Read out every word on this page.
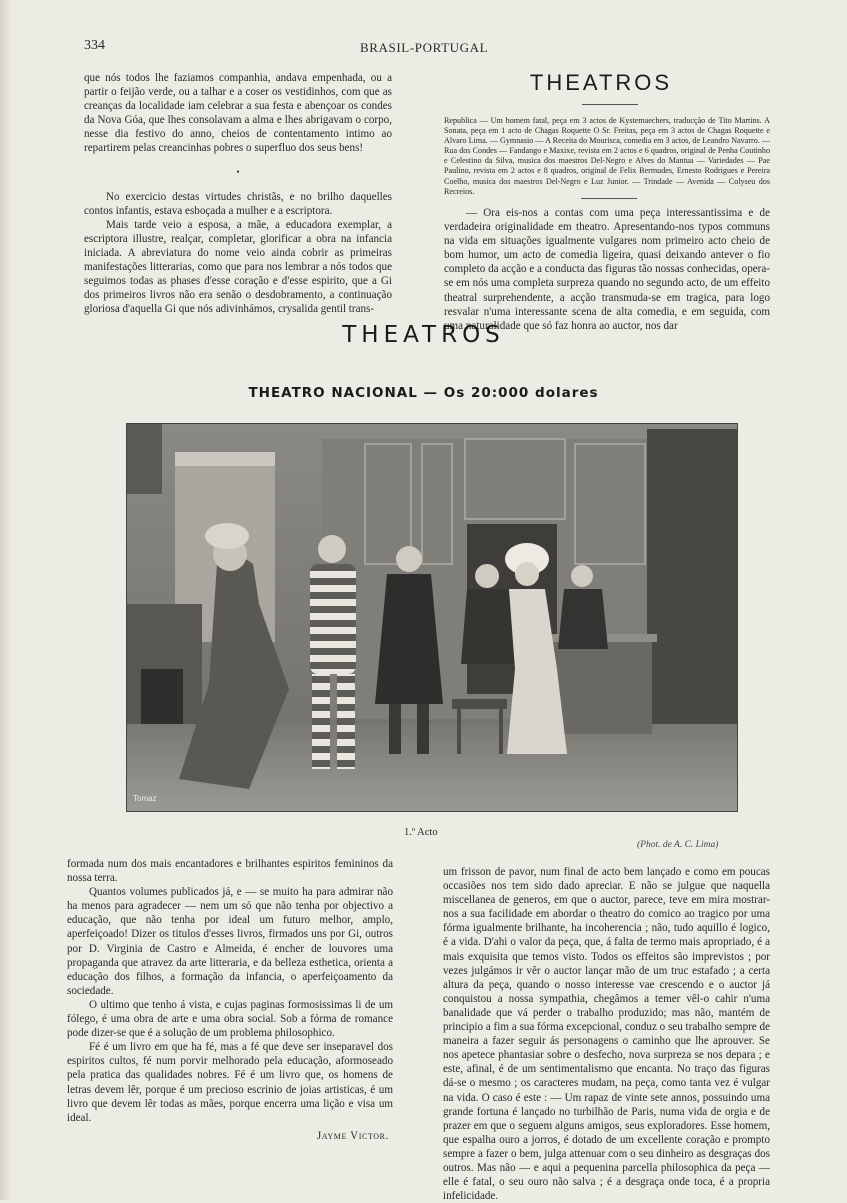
334	BRASIL-PORTUGAL

que nós todos lhe faziamos companhia, andava empenhada, ou a partir o feijão verde, ou a talhar e a coser os vestidinhos, com que as creanças da localidade iam celebrar a sua festa e abençoar os condes da Nova Góa, que lhes consolavam a alma e lhes abrigavam o corpo, nesse dia festivo do anno, cheios de contentamento intimo ao repartirem pelas creancinhas pobres o superfluo dos seus bens!

•

No exercicio destas virtudes christãs, e no brilho daquelles contos infantis, estava esboçada a mulher e a escriptora.

Mais tarde veio a esposa, a mãe, a educadora exemplar, a escriptora illustre, realçar, completar, glorificar a obra na infancia iniciada. A abreviatura do nome veio ainda cobrir as primeiras manifestações litterarias, como que para nos lembrar a nós todos que seguimos todas as phases d'esse coração e d'esse espirito, que a Gi dos primeiros livros não era senão o desdobramento, a continuação gloriosa d'aquella Gi que nós adivinhámos, crysalida gentil trans-

THEATROS
Republica — Um homem fatal, peça em 3 actos de Kystemaechers, traducção de Tito Martins. A Sonata, peça em 1 acto de Chagas Roquette O Sr. Freitas, peça em 3 actos de Chagas Roquette e Alvaro Lima. — Gymnasio — A Receita do Mourisca, comedia em 3 actos, de Leandro Navarro. — Rua dos Condes — Fandango e Maxixe, revista em 2 actos e 6 quadros, original de Penha Coutinho e Celestino da Silva, musica dos maestros Del-Negro e Alves do Mantua — Variedades — Pae Paulino, revista em 2 actos e 8 quadros, original de Felix Bermudes, Ernesto Rodrigues e Pereira Coelho, musica dos maestros Del-Negro e Luz Junior. — Trindade — Avenida — Colyseu dos Recreios.

— Ora eis-nos a contas com uma peça interessantissima e de verdadeira originalidade em theatro. Apresentando-nos typos communs na vida em situações igualmente vulgares nom primeiro acto cheio de bom humor, um acto de comedia ligeira, quasi deixando antever o fio completo da acção e a conducta das figuras tão nossas conhecidas, opera-se em nós uma completa surpreza quando no segundo acto, de um effeito theatral surprehendente, a acção transmuda-se em tragica, para logo resvalar n'uma interessante scena de alta comedia, e em seguida, com uma naturalidade que só faz honra ao auctor, nos dar

THEATROS
THEATRO NACIONAL — Os 20:000 dolares
Tomaz
1.º Acto
(Phot. de A. C. Lima)

formada num dos mais encantadores e brilhantes espiritos femininos da nossa terra.

Quantos volumes publicados já, e — se muito ha para admirar não ha menos para agradecer — nem um só que não tenha por objectivo a educação, que não tenha por ideal um futuro melhor, amplo, aperfeiçoado! Dizer os titulos d'esses livros, firmados uns por Gi, outros por D. Virginia de Castro e Almeida, é encher de louvores uma propaganda que atravez da arte litteraria, e da belleza esthetica, orienta a educação dos filhos, a formação da infancia, o aperfeiçoamento da sociedade.

O ultimo que tenho á vista, e cujas paginas formosissimas li de um fólego, é uma obra de arte e uma obra social. Sob a fórma de romance pode dizer-se que é a solução de um problema philosophico.

Fé é um livro em que ha fé, mas a fé que deve ser inseparavel dos espiritos cultos, fé num porvir melhorado pela educação, aformoseado pela pratica das qualidades nobres. Fé é um livro que, os homens de letras devem lêr, porque é um precioso escrinio de joias artisticas, é um livro que devem lêr todas as mães, porque encerra uma lição e visa um ideal.

Jayme Victor.

um frisson de pavor, num final de acto bem lançado e como em poucas occasiões nos tem sido dado apreciar. E não se julgue que naquella miscellanea de generos, em que o auctor, parece, teve em mira mostrar-nos a sua facilidade em abordar o theatro do comico ao tragico por uma fórma igualmente brilhante, ha incoherencia ; não, tudo aquillo é logico, é a vida. D'ahi o valor da peça, que, á falta de termo mais apropriado, é a mais exquisita que temos visto. Todos os effeitos são imprevistos ; por vezes julgámos ir vêr o auctor lançar mão de um truc estafado ; a certa altura da peça, quando o nosso interesse vae crescendo e o auctor já conquistou a nossa sympathia, chegâmos a temer vêl-o cahir n'uma banalidade que vá perder o trabalho produzido; mas não, mantém de principio a fim a sua fórma excepcional, conduz o seu trabalho sempre de maneira a fazer seguir ás personagens o caminho que lhe aprouver. Se nos apetece phantasiar sobre o desfecho, nova surpreza se nos depara ; e este, afinal, é de um sentimentalismo que encanta. No traço das figuras dá-se o mesmo ; os caracteres mudam, na peça, como tanta vez é vulgar na vida. O caso é este : — Um rapaz de vinte sete annos, possuindo uma grande fortuna é lançado no turbilhão de Paris, numa vida de orgia e de prazer em que o seguem alguns amigos, seus exploradores. Esse homem, que espalha ouro a jorros, é dotado de um excellente coração e prompto sempre a fazer o bem, julga attenuar com o seu dinheiro as desgraças dos outros. Mas não — e aqui a pequenina parcella philosophica da peça — elle é fatal, o seu ouro não salva ; é a desgraça onde toca, é a propria infelicidade.
